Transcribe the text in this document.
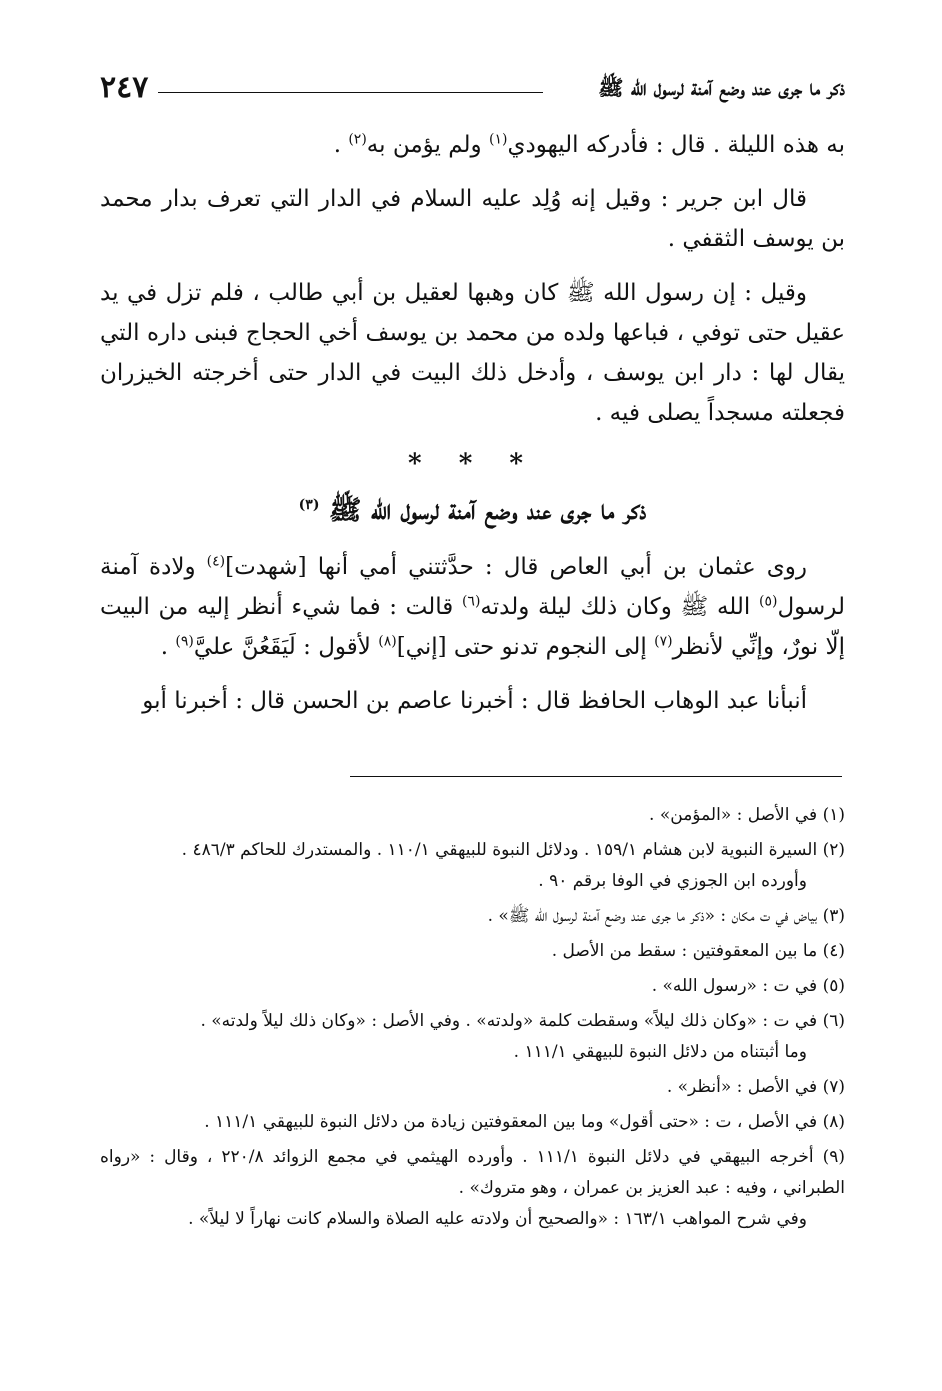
٢٤٧	ذكر ما جرى عند وضع آمنة لرسول الله ﷺ

به هذه الليلة . قال : فأدركه اليهودي$^{(١)}$ ولم يؤمن به$^{(٢)}$ .

قال ابن جرير : وقيل إنه وُلِد عليه السلام في الدار التي تعرف بدار محمد بن يوسف الثقفي .

وقيل : إن رسول الله ﷺ كان وهبها لعقيل بن أبي طالب ، فلم تزل في يد عقيل حتى توفي ، فباعها ولده من محمد بن يوسف أخي الحجاج فبنى داره التي يقال لها : دار ابن يوسف ، وأدخل ذلك البيت في الدار حتى أخرجته الخيزران فجعلته مسجداً يصلى فيه .

* * *
ذكر ما جرى عند وضع آمنة لرسول الله ﷺ $^{(٣)}$

روى عثمان بن أبي العاص قال : حدَّثتني أمي أنها [شهدت]$^{(٤)}$ ولادة آمنة لرسول$^{(٥)}$ الله ﷺ وكان ذلك ليلة ولدته$^{(٦)}$ قالت : فما شيء أنظر إليه من البيت إلّا نورٌ، وإنِّي لأنظر$^{(٧)}$ إلى النجوم تدنو حتى [إني]$^{(٨)}$ لأقول : لَيَقَعُنَّ عليَّ$^{(٩)}$ .

أنبأنا عبد الوهاب الحافظ قال : أخبرنا عاصم بن الحسن قال : أخبرنا أبو

(١) في الأصل : «المؤمن» .
(٢) السيرة النبوية لابن هشام ١٥٩/١ . ودلائل النبوة للبيهقي ١١٠/١ . والمستدرك للحاكم ٤٨٦/٣ .
وأورده ابن الجوزي في الوفا برقم ٩٠ .
(٣) بياض في ت مكان : «ذكر ما جرى عند وضع آمنة لرسول الله ﷺ» .
(٤) ما بين المعقوفتين : سقط من الأصل .
(٥) في ت : «رسول الله» .
(٦) في ت : «وكان ذلك ليلاً» وسقطت كلمة «ولدته» . وفي الأصل : «وكان ذلك ليلاً ولدته» .
وما أثبتناه من دلائل النبوة للبيهقي ١١١/١ .
(٧) في الأصل : «أنظر» .
(٨) في الأصل ، ت : «حتى أقول» وما بين المعقوفتين زيادة من دلائل النبوة للبيهقي ١١١/١ .
(٩) أخرجه البيهقي في دلائل النبوة ١١١/١ . وأورده الهيثمي في مجمع الزوائد ٢٢٠/٨ ، وقال : «رواه الطبراني ، وفيه : عبد العزيز بن عمران ، وهو متروك» .
وفي شرح المواهب ١٦٣/١ : «والصحيح أن ولادته عليه الصلاة والسلام كانت نهاراً لا ليلاً» .
